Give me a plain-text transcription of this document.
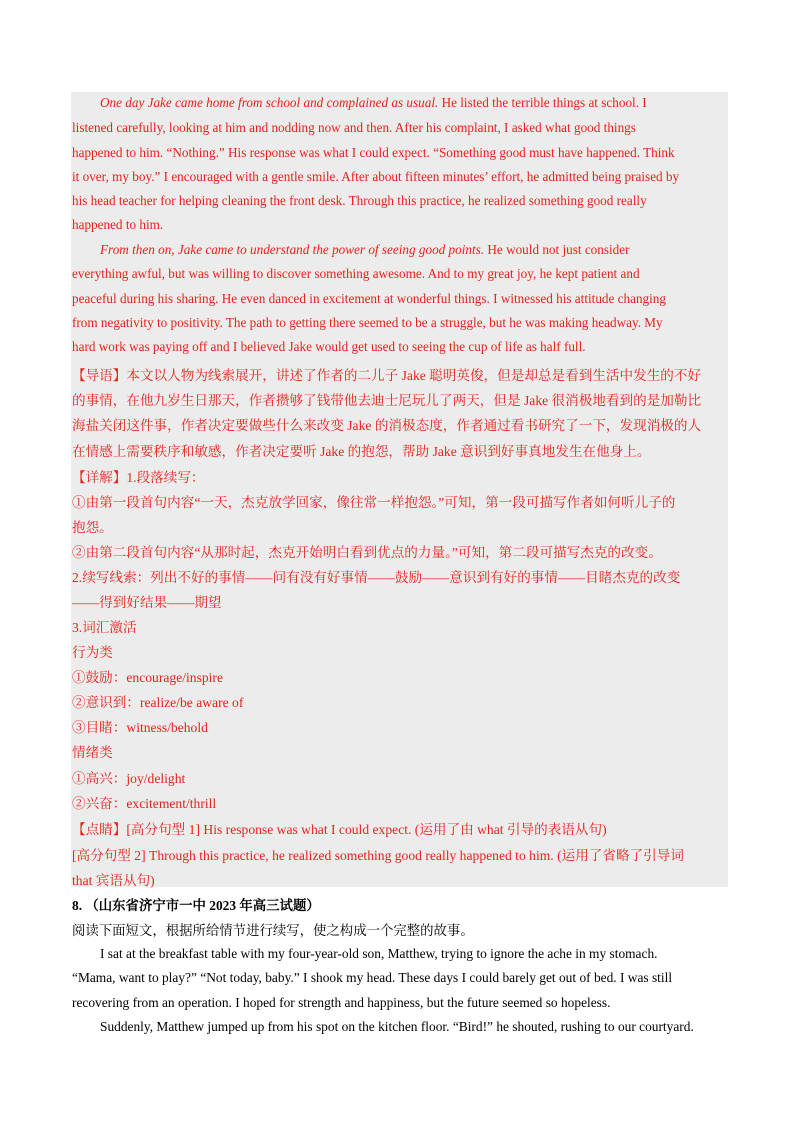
One day Jake came home from school and complained as usual. He listed the terrible things at school. I
listened carefully, looking at him and nodding now and then. After his complaint, I asked what good things
happened to him. “Nothing.” His response was what I could expect. “Something good must have happened. Think
it over, my boy.” I encouraged with a gentle smile. After about fifteen minutes’ effort, he admitted being praised by
his head teacher for helping cleaning the front desk. Through this practice, he realized something good really
happened to him.
From then on, Jake came to understand the power of seeing good points. He would not just consider
everything awful, but was willing to discover something awesome. And to my great joy, he kept patient and
peaceful during his sharing. He even danced in excitement at wonderful things. I witnessed his attitude changing
from negativity to positivity. The path to getting there seemed to be a struggle, but he was making headway. My
hard work was paying off and I believed Jake would get used to seeing the cup of life as half full.
【导语】本文以人物为线索展开，讲述了作者的二儿子 Jake 聪明英俊，但是却总是看到生活中发生的不好
的事情，在他九岁生日那天，作者攒够了钱带他去迪士尼玩儿了两天，但是 Jake 很消极地看到的是加勒比
海盐关闭这件事，作者决定要做些什么来改变 Jake 的消极态度，作者通过看书研究了一下，发现消极的人
在情感上需要秩序和敏感，作者决定要听 Jake 的抱怨，帮助 Jake 意识到好事真地发生在他身上。
【详解】1.段落续写：
①由第一段首句内容“一天，杰克放学回家，像往常一样抱怨。”可知，第一段可描写作者如何听儿子的
抱怨。
②由第二段首句内容“从那时起，杰克开始明白看到优点的力量。”可知，第二段可描写杰克的改变。
2.续写线索：列出不好的事情——问有没有好事情——鼓励——意识到有好的事情——目睹杰克的改变
——得到好结果——期望
3.词汇激活
行为类
①鼓励：encourage/inspire
②意识到：realize/be aware of
③目睹：witness/behold
情绪类
①高兴：joy/delight
②兴奋：excitement/thrill
【点睛】[高分句型 1] His response was what I could expect. (运用了由 what 引导的表语从句)
[高分句型 2] Through this practice, he realized something good really happened to him. (运用了省略了引导词
that 宾语从句)
8. （山东省济宁市一中 2023 年高三试题）
阅读下面短文，根据所给情节进行续写，使之构成一个完整的故事。
I sat at the breakfast table with my four-year-old son, Matthew, trying to ignore the ache in my stomach.
“Mama, want to play?” “Not today, baby.” I shook my head. These days I could barely get out of bed. I was still
recovering from an operation. I hoped for strength and happiness, but the future seemed so hopeless.
Suddenly, Matthew jumped up from his spot on the kitchen floor. “Bird!” he shouted, rushing to our courtyard.
